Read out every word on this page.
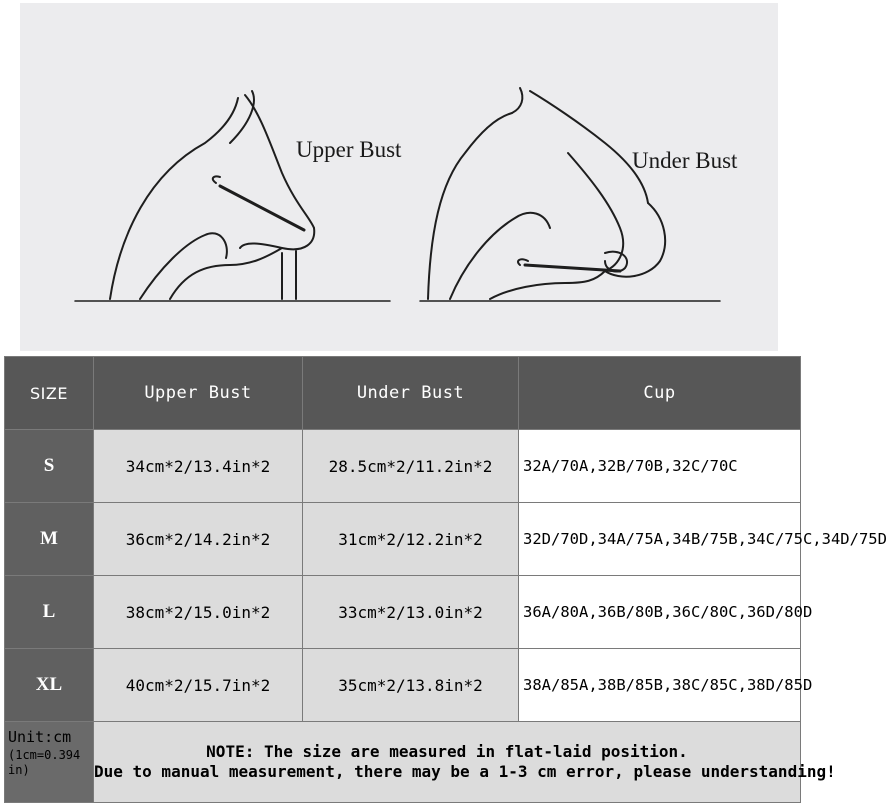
Upper Bust	Under Bust
SIZE	Upper Bust	Under Bust	Cup
S	34cm*2/13.4in*2	28.5cm*2/11.2in*2	32A/70A,32B/70B,32C/70C
M	36cm*2/14.2in*2	31cm*2/12.2in*2	32D/70D,34A/75A,34B/75B,34C/75C,34D/75D
L	38cm*2/15.0in*2	33cm*2/13.0in*2	36A/80A,36B/80B,36C/80C,36D/80D
XL	40cm*2/15.7in*2	35cm*2/13.8in*2	38A/85A,38B/85B,38C/85C,38D/85D

Unit:cm
(1cm=0.394 in)	NOTE: The size are measured in flat-laid position.
Due to manual measurement, there may be a 1-3 cm error, please understanding!		
